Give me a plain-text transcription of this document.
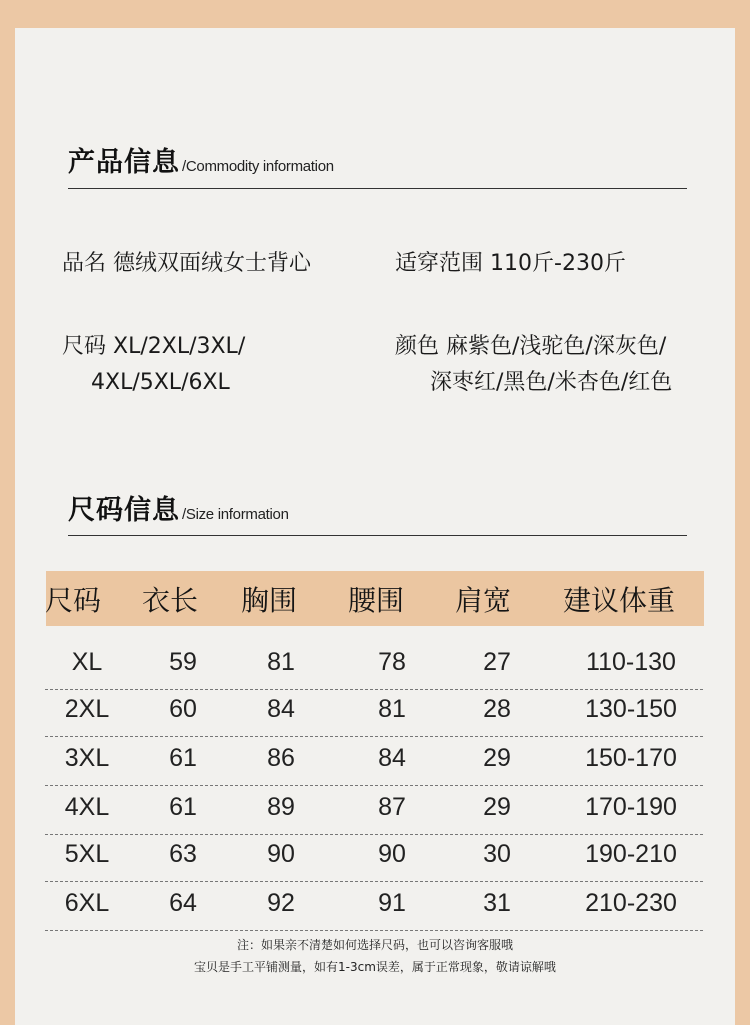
产品信息 /Commodity information
品名 德绒双面绒女士背心	适穿范围 110斤-230斤
尺码 XL/2XL/3XL/
4XL/5XL/6XL
颜色 麻紫色/浅驼色/深灰色/
深枣红/黑色/米杏色/红色
尺码信息 /Size information
尺码 衣长 胸围 腰围 肩宽 建议体重
XL	59	81	78	27	110-130
2XL 60	84	81	28	130-150
3XL 61	86	84	29	150-170
4XL 61	89	87	29	170-190
5XL 63	90	90	30	190-210
6XL 64	92	91	31	210-230
注：如果亲不清楚如何选择尺码，也可以咨询客服哦
宝贝是手工平铺测量，如有1-3cm误差，属于正常现象，敬请谅解哦
